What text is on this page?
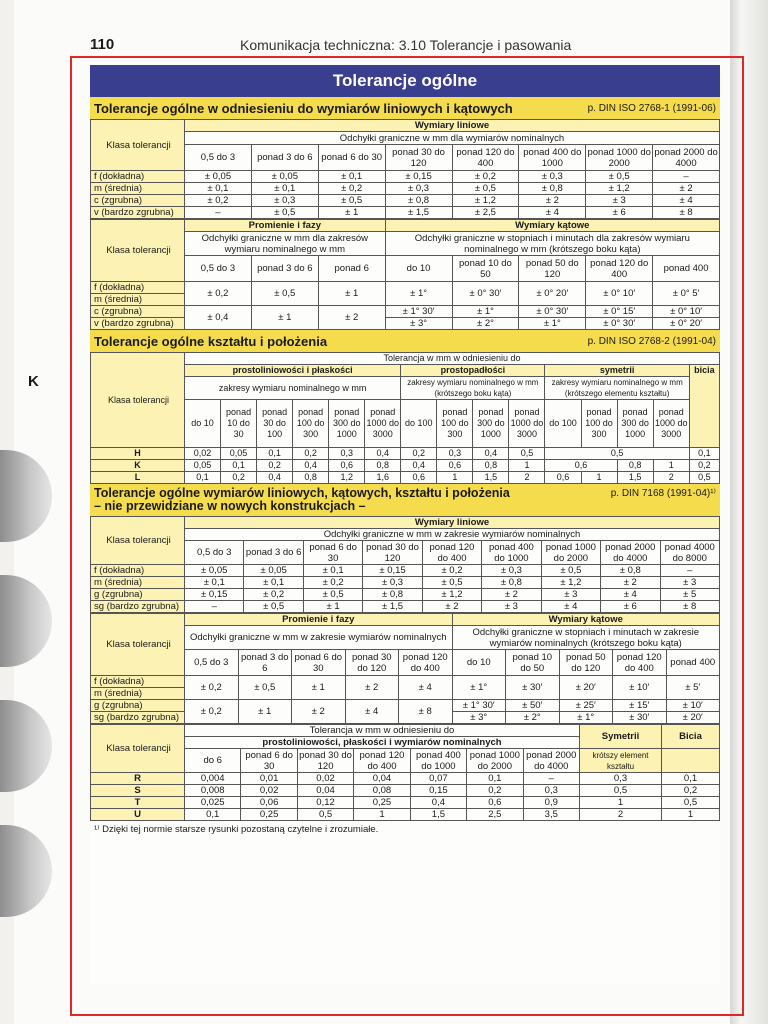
110	Komunikacja techniczna: 3.10 Tolerancje i pasowania
K
Tolerancje ogólne
Tolerancje ogólne w odniesieniu do wymiarów liniowych i kątowych	p. DIN ISO 2768-1 (1991-06)
Klasa tolerancji	Wymiary liniowe							
	Odchyłki graniczne w mm dla wymiarów nominalnych							
	0,5 do 3	ponad 3 do 6	ponad 6 do 30	ponad 30 do 120	ponad 120 do 400	ponad 400 do 1000	ponad 1000 do 2000	ponad 2000 do 4000
f (dokładna)	± 0,05	± 0,05	± 0,1	± 0,15	± 0,2	± 0,3	± 0,5	–
m (średnia)	± 0,1	± 0,1	± 0,2	± 0,3	± 0,5	± 0,8	± 1,2	± 2
c (zgrubna)	± 0,2	± 0,3	± 0,5	± 0,8	± 1,2	± 2	± 3	± 4
v (bardzo zgrubna)	–	± 0,5	± 1	± 1,5	± 2,5	± 4	± 6	± 8
Klasa tolerancji	Promienie i fazy			Wymiary kątowe				
	Odchyłki graniczne w mm dla zakresów wymiaru nominalnego w mm			Odchyłki graniczne w stopniach i minutach dla zakresów wymiaru nominalnego w mm (krótszego boku kąta)				
	0,5 do 3	ponad 3 do 6	ponad 6	do 10	ponad 10 do 50	ponad 50 do 120	ponad 120 do 400	ponad 400
f (dokładna)	± 0,2	± 0,5	± 1	± 1°	± 0° 30′	± 0° 20′	± 0° 10′	± 0° 5′
m (średnia)								
c (zgrubna)	± 0,4	± 1	± 2	± 1° 30′	± 1°	± 0° 30′	± 0° 15′	± 0° 10′
v (bardzo zgrubna)				± 3°	± 2°	± 1°	± 0° 30′	± 0° 20′
Tolerancje ogólne kształtu i położenia	p. DIN ISO 2768-2 (1991-04)
Klasa tolerancji	Tolerancja w mm w odniesieniu do														
	prostoliniowości i płaskości						prostopadłości				symetrii				bicia
	zakresy wymiaru nominalnego w mm						zakresy wymiaru nominalnego w mm (krótszego boku kąta)				zakresy wymiaru nominalnego w mm (krótszego elementu kształtu)				
	do 10	ponad 10 do 30	ponad 30 do 100	ponad 100 do 300	ponad 300 do 1000	ponad 1000 do 3000	do 100	ponad 100 do 300	ponad 300 do 1000	ponad 1000 do 3000	do 100	ponad 100 do 300	ponad 300 do 1000	ponad 1000 do 3000	
H	0,02	0,05	0,1	0,2	0,3	0,4	0,2	0,3	0,4	0,5	0,5				0,1
K	0,05	0,1	0,2	0,4	0,6	0,8	0,4	0,6	0,8	1	0,6		0,8	1	0,2
L	0,1	0,2	0,4	0,8	1,2	1,6	0,6	1	1,5	2	0,6	1	1,5	2	0,5
Tolerancje ogólne wymiarów liniowych, kątowych, kształtu i położenia
– nie przewidziane w nowych konstrukcjach –
p. DIN 7168 (1991-04)¹⁾
Klasa tolerancji	Wymiary liniowe								
	Odchyłki graniczne w mm w zakresie wymiarów nominalnych								
	0,5 do 3	ponad 3 do 6	ponad 6 do 30	ponad 30 do 120	ponad 120 do 400	ponad 400 do 1000	ponad 1000 do 2000	ponad 2000 do 4000	ponad 4000 do 8000
f (dokładna)	± 0,05	± 0,05	± 0,1	± 0,15	± 0,2	± 0,3	± 0,5	± 0,8	–
m (średnia)	± 0,1	± 0,1	± 0,2	± 0,3	± 0,5	± 0,8	± 1,2	± 2	± 3
g (zgrubna)	± 0,15	± 0,2	± 0,5	± 0,8	± 1,2	± 2	± 3	± 4	± 5
sg (bardzo zgrubna)	–	± 0,5	± 1	± 1,5	± 2	± 3	± 4	± 6	± 8
Klasa tolerancji	Promienie i fazy					Wymiary kątowe				
	Odchyłki graniczne w mm w zakresie wymiarów nominalnych					Odchyłki graniczne w stopniach i minutach w zakresie wymiarów nominalnych (krótszego boku kąta)				
	0,5 do 3	ponad 3 do 6	ponad 6 do 30	ponad 30 do 120	ponad 120 do 400	do 10	ponad 10 do 50	ponad 50 do 120	ponad 120 do 400	ponad 400
f (dokładna)	± 0,2	± 0,5	± 1	± 2	± 4	± 1°	± 30′	± 20′	± 10′	± 5′
m (średnia)										
g (zgrubna)	± 0,2	± 1	± 2	± 4	± 8	± 1° 30′	± 50′	± 25′	± 15′	± 10′
sg (bardzo zgrubna)						± 3°	± 2°	± 1°	± 30′	± 20′
Klasa tolerancji	Tolerancja w mm w odniesieniu do							Symetrii	Bicia
	prostoliniowości, płaskości i wymiarów nominalnych								
	do 6	ponad 6 do 30	ponad 30 do 120	ponad 120 do 400	ponad 400 do 1000	ponad 1000 do 2000	ponad 2000 do 4000	krótszy element kształtu	
R	0,004	0,01	0,02	0,04	0,07	0,1	–	0,3	0,1
S	0,008	0,02	0,04	0,08	0,15	0,2	0,3	0,5	0,2
T	0,025	0,06	0,12	0,25	0,4	0,6	0,9	1	0,5
U	0,1	0,25	0,5	1	1,5	2,5	3,5	2	1
¹⁾ Dzięki tej normie starsze rysunki pozostaną czytelne i zrozumiałe.
